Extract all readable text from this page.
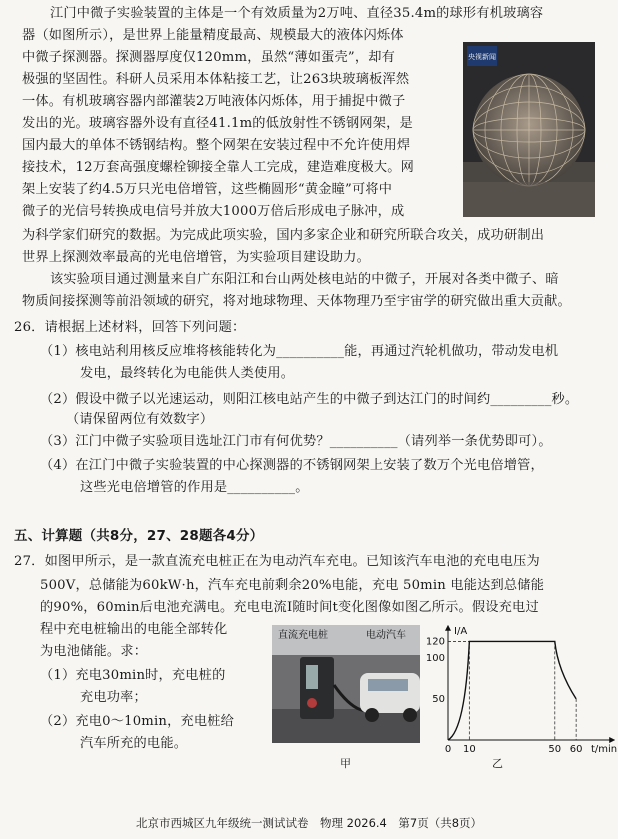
江门中微子实验装置的主体是一个有效质量为2万吨、直径35.4m的球形有机玻璃容
器（如图所示），是世界上能量精度最高、规模最大的液体闪烁体
中微子探测器。探测器厚度仅120mm，虽然“薄如蛋壳”，却有
极强的坚固性。科研人员采用本体粘接工艺，让263块玻璃板浑然
一体。有机玻璃容器内部灌装2万吨液体闪烁体，用于捕捉中微子
发出的光。玻璃容器外设有直径41.1m的低放射性不锈钢网架，是
国内最大的单体不锈钢结构。整个网架在安装过程中不允许使用焊
接技术，12万套高强度螺栓铆接全靠人工完成，建造难度极大。网
架上安装了约4.5万只光电倍增管，这些椭圆形“黄金瞳”可将中
微子的光信号转换成电信号并放大1000万倍后形成电子脉冲，成
为科学家们研究的数据。为完成此项实验，国内多家企业和研究所联合攻关，成功研制出
世界上探测效率最高的光电倍增管，为实验项目建设助力。
该实验项目通过测量来自广东阳江和台山两处核电站的中微子，开展对各类中微子、暗
物质间接探测等前沿领域的研究，将对地球物理、天体物理乃至宇宙学的研究做出重大贡献。
央视新闻
26．请根据上述材料，回答下列问题：
（1）核电站利用核反应堆将核能转化为__________能，再通过汽轮机做功，带动发电机
发电，最终转化为电能供人类使用。
（2）假设中微子以光速运动，则阳江核电站产生的中微子到达江门的时间约_________秒。
（请保留两位有效数字）
（3）江门中微子实验项目选址江门市有何优势？__________（请列举一条优势即可）。
（4）在江门中微子实验装置的中心探测器的不锈钢网架上安装了数万个光电倍增管，
这些光电倍增管的作用是__________。
五、计算题（共8分，27、28题各4分）
27．如图甲所示，是一款直流充电桩正在为电动汽车充电。已知该汽车电池的充电电压为
500V，总储能为60kW·h，汽车充电前剩余20%电能，充电 50min 电能达到总储能
的90%，60min后电池充满电。充电电流I随时间t变化图像如图乙所示。假设充电过
程中充电桩输出的电能全部转化
为电池储能。求：
（1）充电30min时，充电桩的
充电功率；
（2）充电0～10min，充电桩给
汽车所充的电能。
直流充电桩	电动汽车
甲
I/A
t/min
0 10	50 60
50
100
120
乙
北京市西城区九年级统一测试试卷　物理 2026.4　第7页（共8页）
